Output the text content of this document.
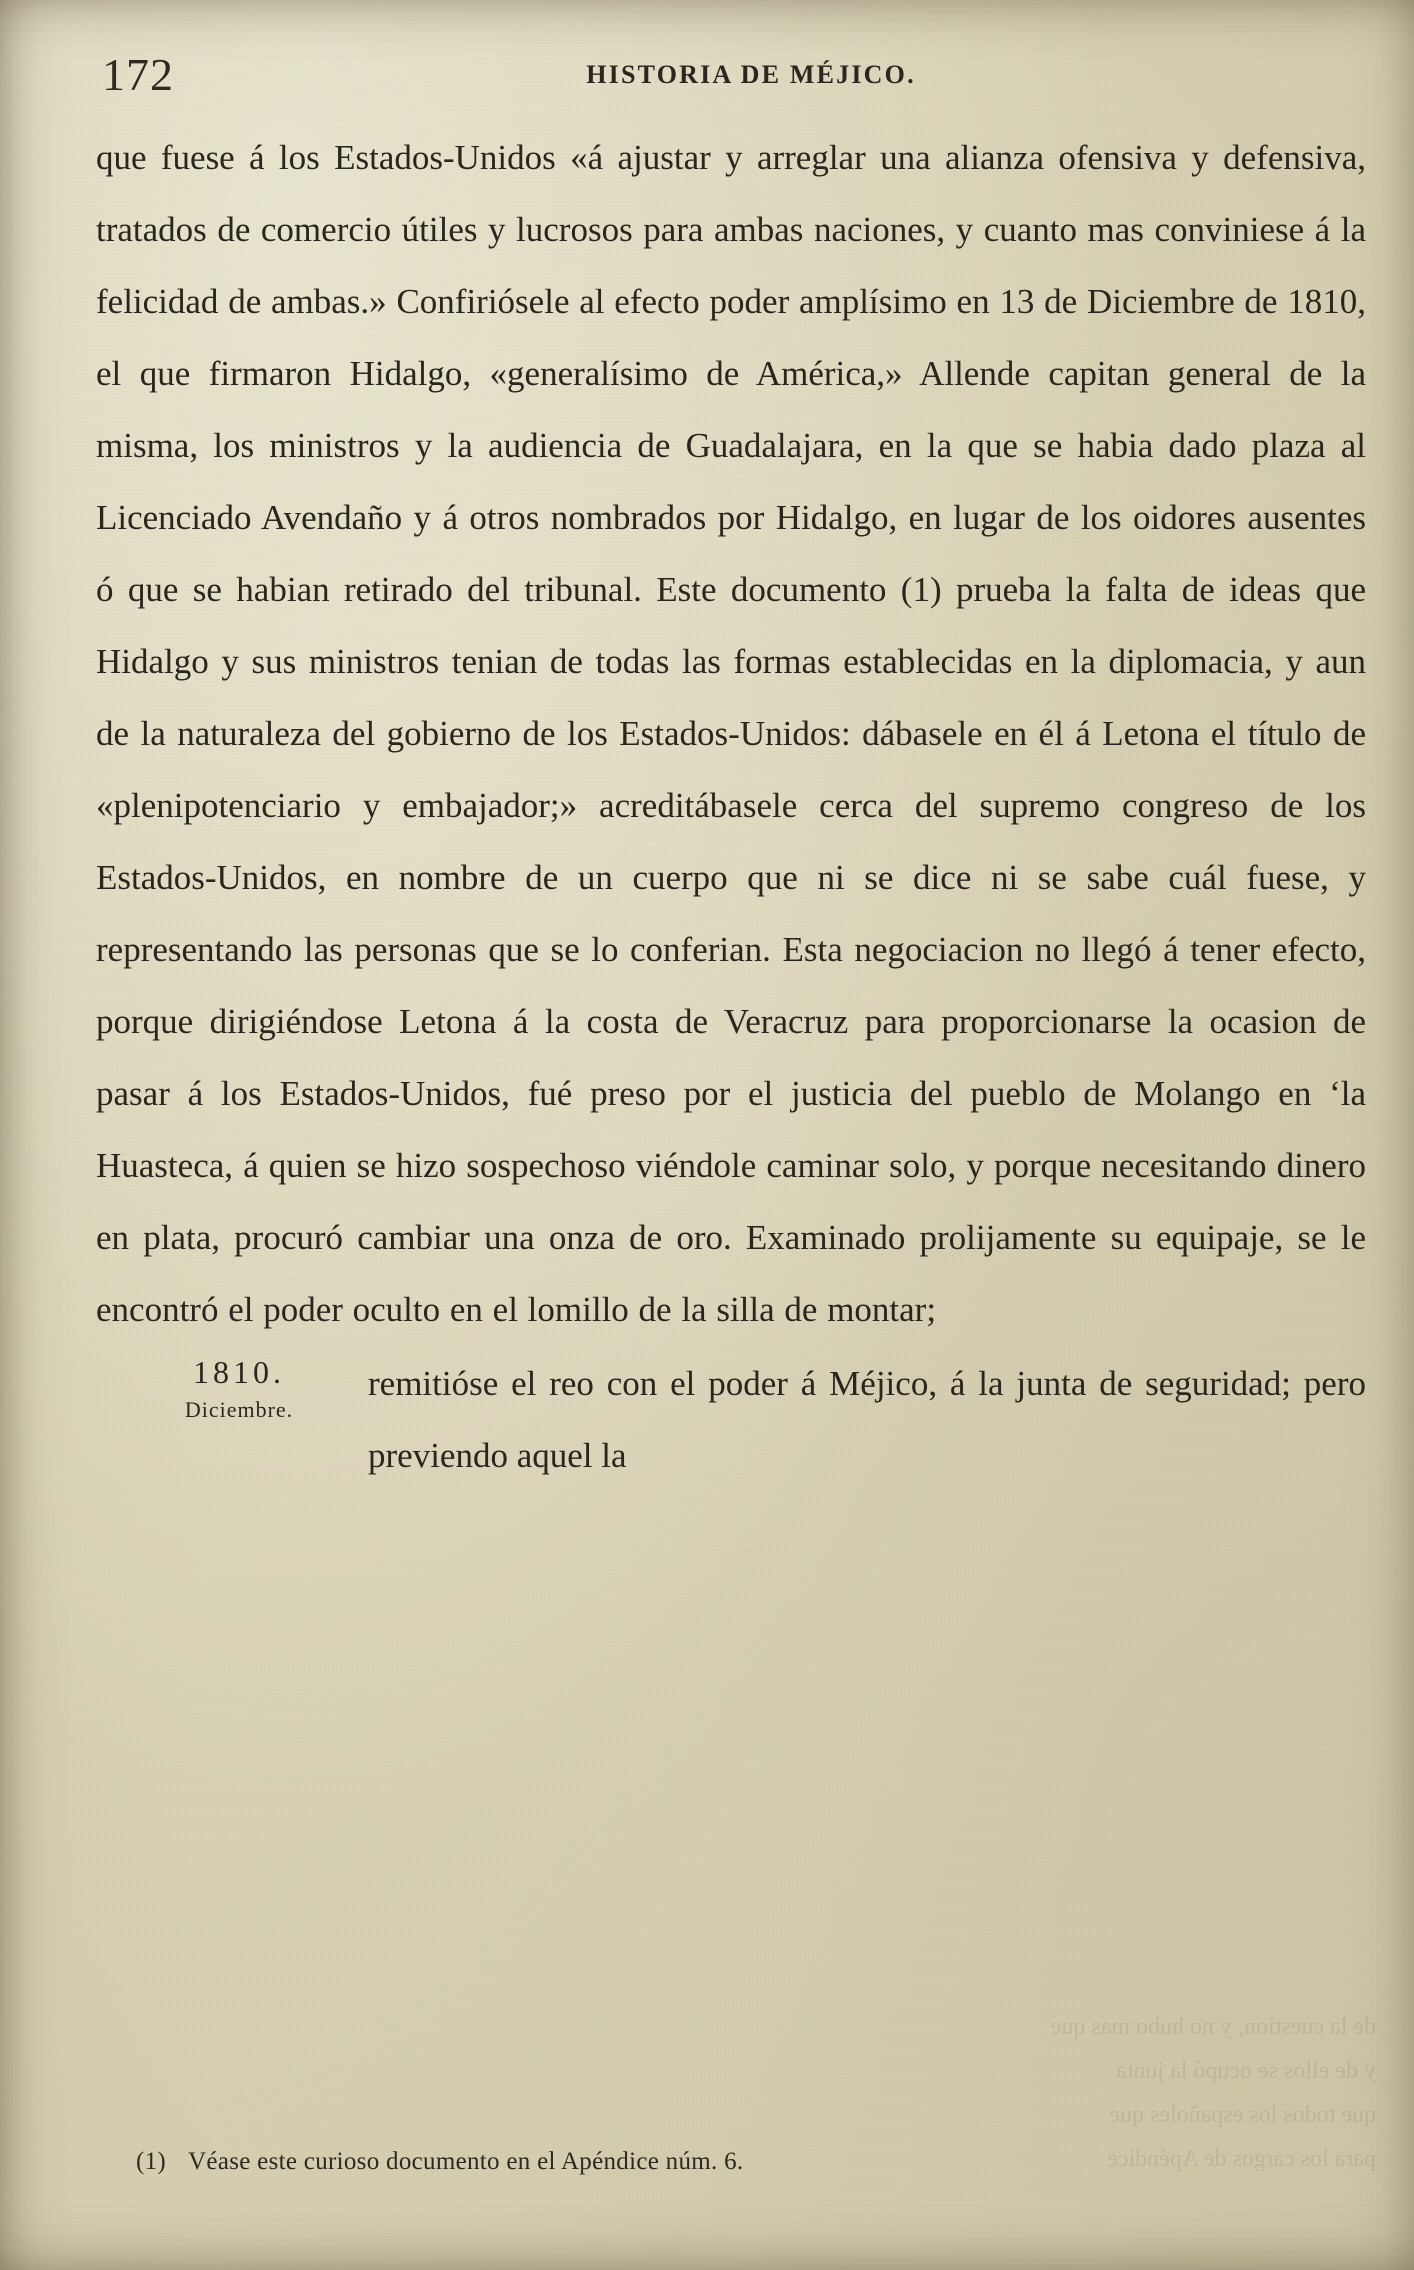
172	HISTORIA DE MÉJICO.

que fuese á los Estados-Unidos «á ajustar y arreglar una alianza ofensiva y defensiva, tratados de comercio útiles y lucrosos para ambas naciones, y cuanto mas conviniese á la felicidad de ambas.» Confiriósele al efecto poder amplísimo en 13 de Diciembre de 1810, el que firmaron Hidalgo, «generalísimo de América,» Allende capitan general de la misma, los ministros y la audiencia de Guadalajara, en la que se habia dado plaza al Licenciado Avendaño y á otros nombrados por Hidalgo, en lugar de los oidores ausentes ó que se habian retirado del tribunal. Este documento (1) prueba la falta de ideas que Hidalgo y sus ministros tenian de todas las formas establecidas en la diplomacia, y aun de la naturaleza del gobierno de los Estados-Unidos: dábasele en él á Letona el título de «plenipotenciario y embajador;» acreditábasele cerca del supremo congreso de los Estados-Unidos, en nombre de un cuerpo que ni se dice ni se sabe cuál fuese, y representando las personas que se lo conferian. Esta negociacion no llegó á tener efecto, porque dirigiéndose Letona á la costa de Veracruz para proporcionarse la ocasion de pasar á los Estados-Unidos, fué preso por el justicia del pueblo de Molango en ‘la Huasteca, á quien se hizo sospechoso viéndole caminar solo, y porque necesitando dinero en plata, procuró cambiar una onza de oro. Examinado prolijamente su equipaje, se le encontró el poder oculto en el lomillo de la silla de montar;

1810.
Diciembre.
remitióse el reo con el poder á Méjico, á la junta de seguridad; pero previendo aquel la
de la cuestion, y no hubo mas que
y de ellos se ocupó la junta
que todos los españoles que
para los cargos de Apéndice
(1) Véase este curioso documento en el Apéndice núm. 6.
